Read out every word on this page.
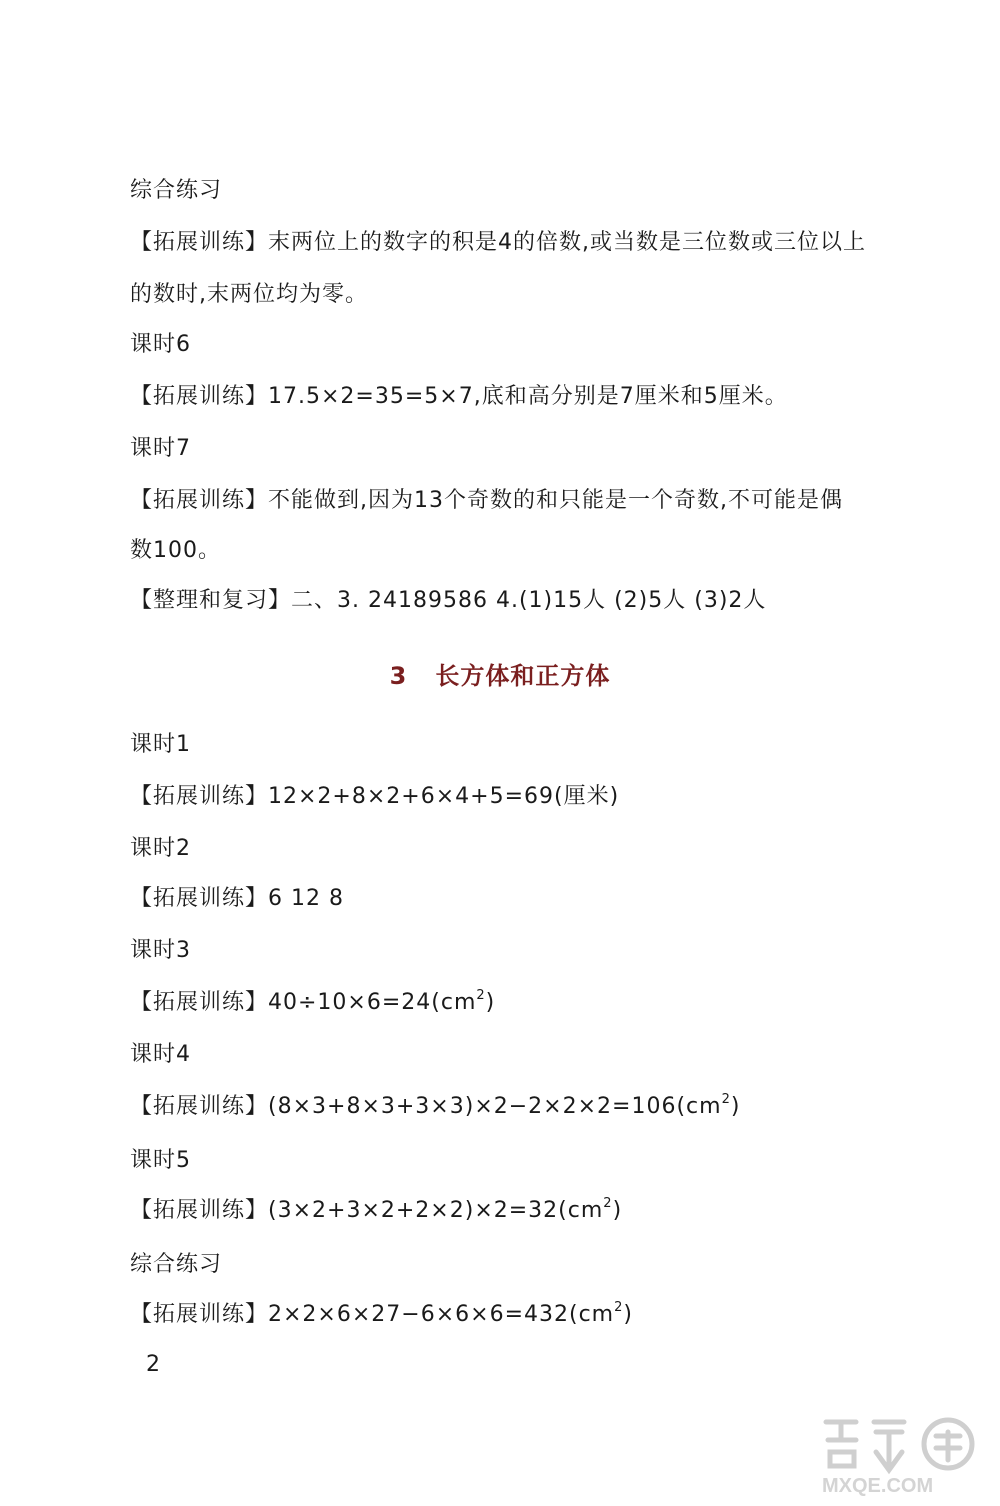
综合练习
【拓展训练】末两位上的数字的积是4的倍数,或当数是三位数或三位以上
的数时,末两位均为零。
课时6
【拓展训练】17.5×2=35=5×7,底和高分别是7厘米和5厘米。
课时7
【拓展训练】不能做到,因为13个奇数的和只能是一个奇数,不可能是偶
数100。
【整理和复习】二、3. 24189586 4.(1)15人 (2)5人 (3)2人
3 长方体和正方体
课时1
【拓展训练】12×2+8×2+6×4+5=69(厘米)
课时2
【拓展训练】6 12 8
课时3
【拓展训练】$40\div 10\times 6=24(cm^2)$
课时4
【拓展训练】$(8\times 3+8\times 3+3\times 3)\times 2-2\times 2\times 2=106(cm^2)$
课时5
【拓展训练】$(3\times 2+3\times 2+2\times 2)\times 2=32(cm^2)$
综合练习
【拓展训练】$2\times 2\times 6\times 27-6\times 6\times 6=432(cm^2)$
2
MXQE.COM
